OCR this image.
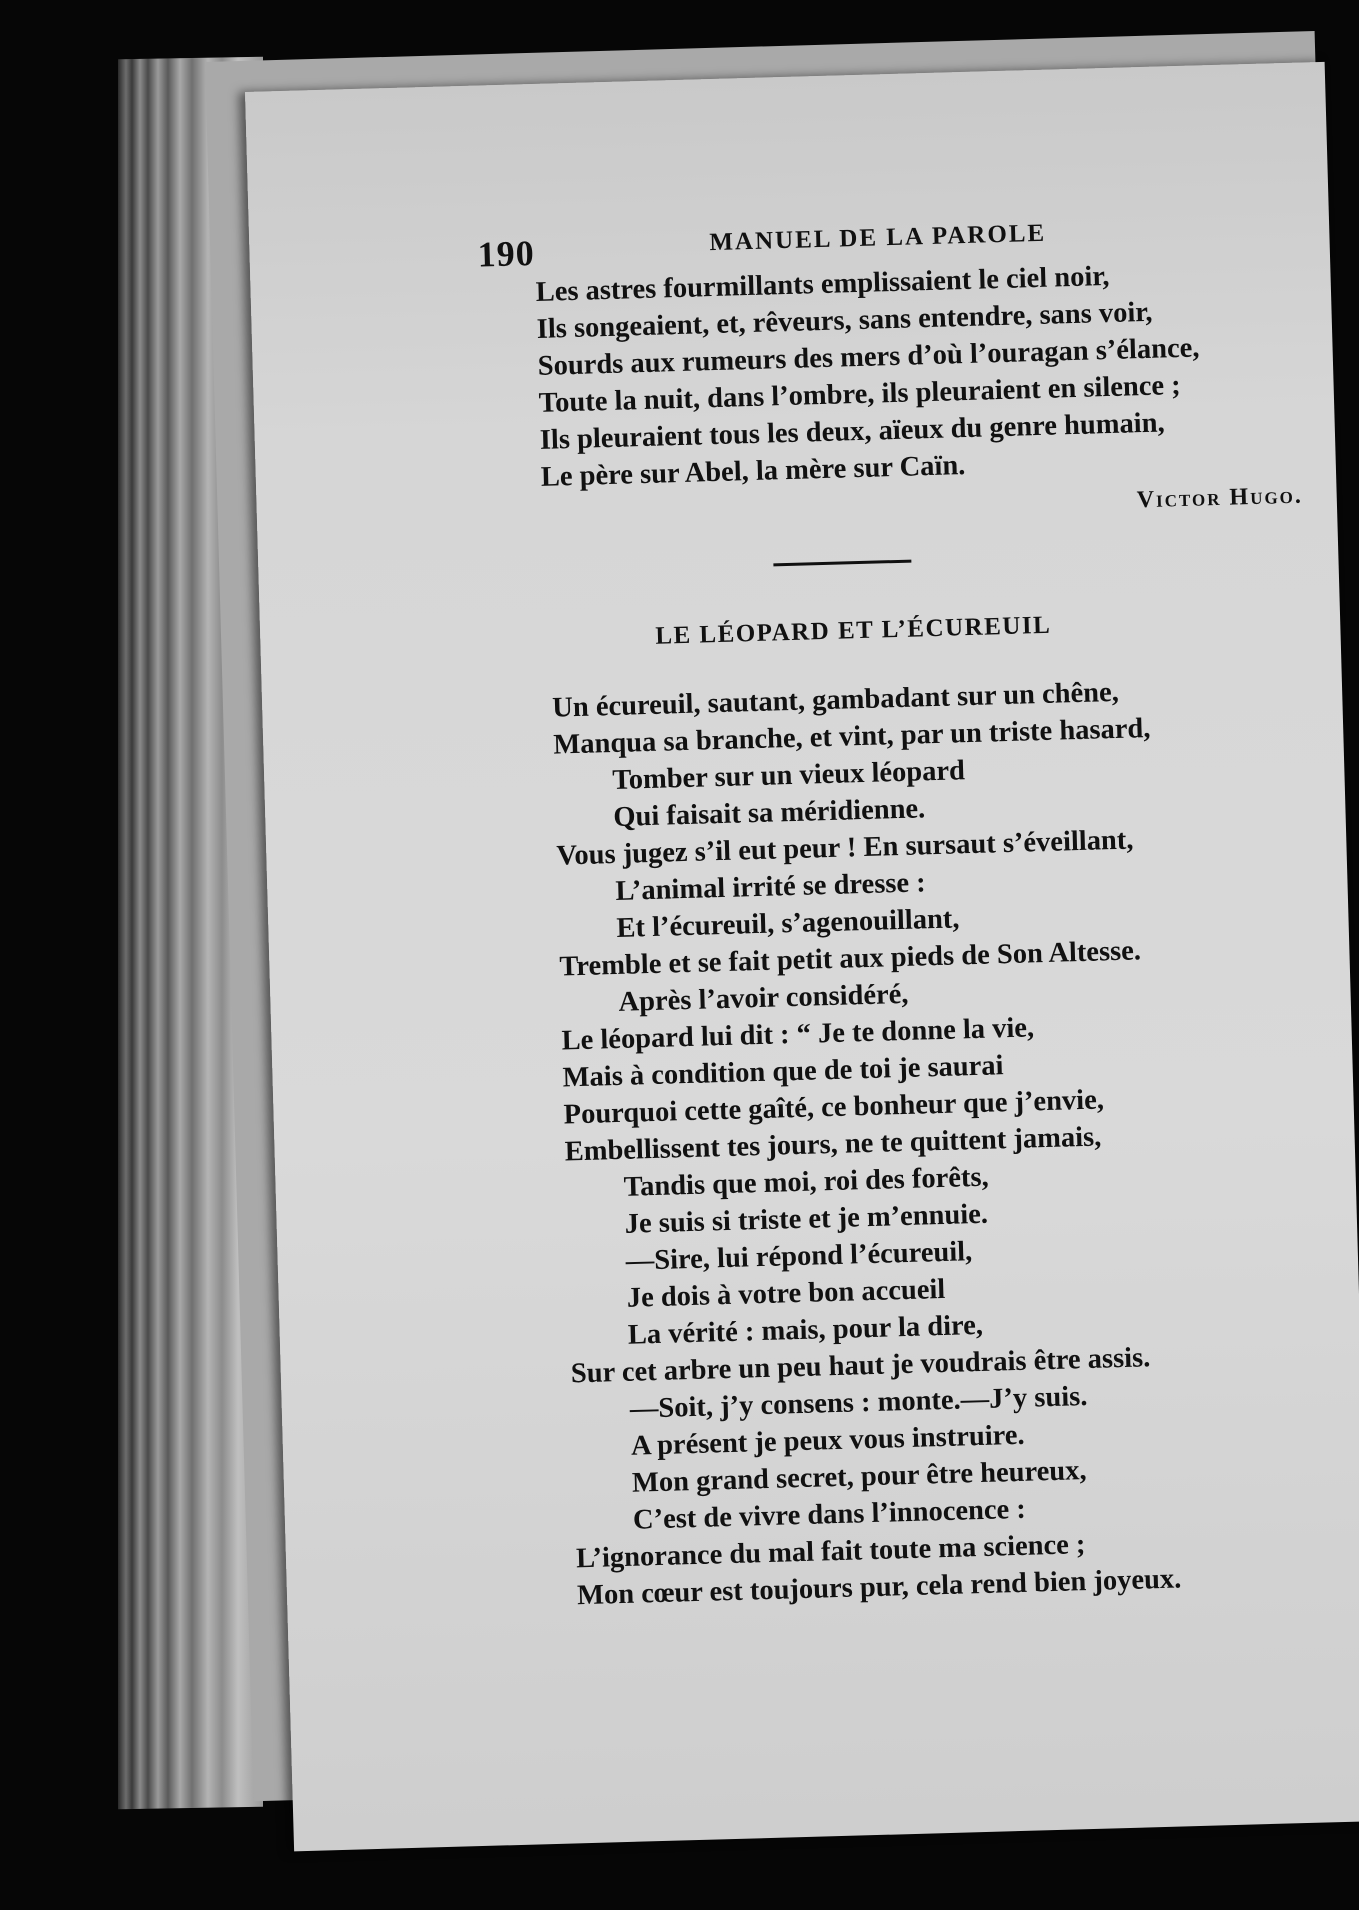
190	MANUEL DE LA PAROLE
Les astres fourmillants emplissaient le ciel noir,
Ils songeaient, et, rêveurs, sans entendre, sans voir,
Sourds aux rumeurs des mers d’où l’ouragan s’élance,
Toute la nuit, dans l’ombre, ils pleuraient en silence ;
Ils pleuraient tous les deux, aïeux du genre humain,
Le père sur Abel, la mère sur Caïn.
Victor Hugo.
LE LÉOPARD ET L’ÉCUREUIL
Un écureuil, sautant, gambadant sur un chêne,
Manqua sa branche, et vint, par un triste hasard,
Tomber sur un vieux léopard
Qui faisait sa méridienne.
Vous jugez s’il eut peur ! En sursaut s’éveillant,
L’animal irrité se dresse :
Et l’écureuil, s’agenouillant,
Tremble et se fait petit aux pieds de Son Altesse.
Après l’avoir considéré,
Le léopard lui dit : “ Je te donne la vie,
Mais à condition que de toi je saurai
Pourquoi cette gaîté, ce bonheur que j’envie,
Embellissent tes jours, ne te quittent jamais,
Tandis que moi, roi des forêts,
Je suis si triste et je m’ennuie.
—Sire, lui répond l’écureuil,
Je dois à votre bon accueil
La vérité : mais, pour la dire,
Sur cet arbre un peu haut je voudrais être assis.
—Soit, j’y consens : monte.—J’y suis.
A présent je peux vous instruire.
Mon grand secret, pour être heureux,
C’est de vivre dans l’innocence :
L’ignorance du mal fait toute ma science ;
Mon cœur est toujours pur, cela rend bien joyeux.
